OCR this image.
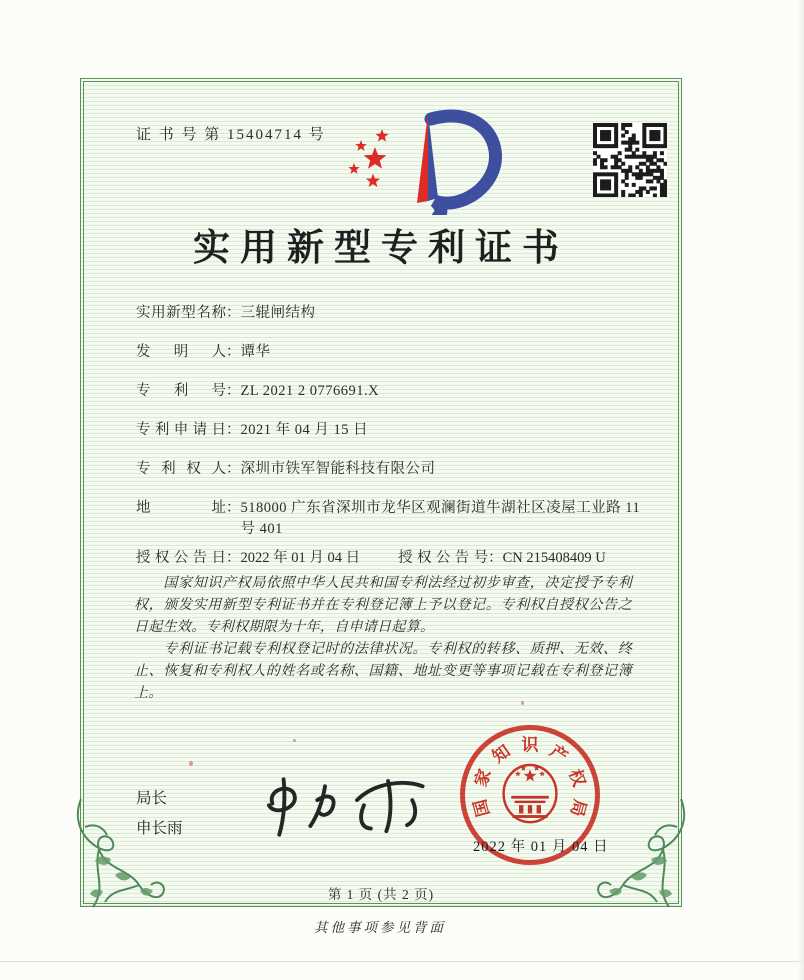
证 书 号 第 15404714 号
实用新型专利证书
实用新型名称 ： 三辊闸结构
发明人 ： 谭华
专利号 ： ZL 2021 2 0776691.X
专利申请日 ： 2021 年 04 月 15 日
专利权人 ： 深圳市铁军智能科技有限公司
地址 ： 518000 广东省深圳市龙华区观澜街道牛湖社区凌屋工业路 11 号 401
授权公告日 ： 2022 年 01 月 04 日	授权公告号 ： CN 215408409 U

国家知识产权局依照中华人民共和国专利法经过初步审查，决定授予专利权，颁发实用新型专利证书并在专利登记簿上予以登记。专利权自授权公告之日起生效。专利权期限为十年，自申请日起算。

专利证书记载专利权登记时的法律状况。专利权的转移、质押、无效、终止、恢复和专利权人的姓名或名称、国籍、地址变更等事项记载在专利登记簿上。

局长
申长雨
国
家
知 识 产
权
局
2022 年 01 月 04 日
第 1 页 (共 2 页)
其他事项参见背面
